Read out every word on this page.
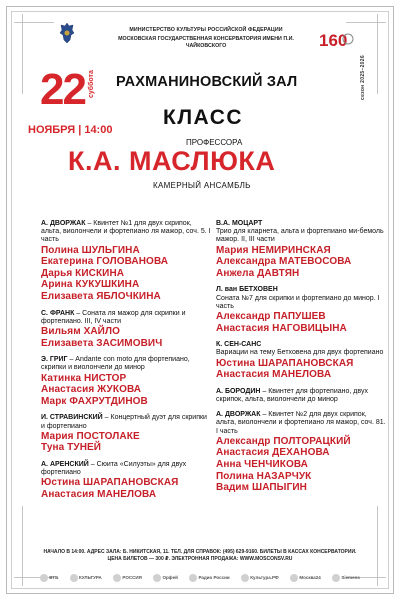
МИНИСТЕРСТВО КУЛЬТУРЫ РОССИЙСКОЙ ФЕДЕРАЦИИ
МОСКОВСКАЯ ГОСУДАРСТВЕННАЯ КОНСЕРВАТОРИЯ ИМЕНИ П.И. ЧАЙКОВСКОГО	160
сезон 2025–2026
22 суббота
НОЯБРЯ | 14:00
РАХМАНИНОВСКИЙ ЗАЛ
КЛАСС
ПРОФЕССОРА
К.А. МАСЛЮКА
КАМЕРНЫЙ АНСАМБЛЬ
А. ДВОРЖАК – Квинтет №1 для двух скрипок, альта, виолончели и фортепиано ля мажор, соч. 5. I часть
Полина ШУЛЬГИНА
Екатерина ГОЛОВАНОВА
Дарья КИСКИНА
Арина КУКУШКИНА
Елизавета ЯБЛОЧКИНА
С. ФРАНК – Соната ля мажор для скрипки и фортепиано. III, IV части
Вильям ХАЙЛО
Елизавета ЗАСИМОВИЧ
Э. ГРИГ – Andante con moto для фортепиано, скрипки и виолончели до минор
Катинка НИСТОР
Анастасия ЖУКОВА
Марк ФАХРУТДИНОВ
И. СТРАВИНСКИЙ – Концертный дуэт для скрипки и фортепиано
Мария ПОСТОЛАКЕ
Туна ТУНЕЙ
А. АРЕНСКИЙ – Сюита «Силуэты» для двух фортепиано
Юстина ШАРАПАНОВСКАЯ
Анастасия МАНЕЛОВА
В.А. МОЦАРТ
Трио для кларнета, альта и фортепиано ми-бемоль мажор. II, III части
Мария НЕМИРИНСКАЯ
Александра МАТЕВОСОВА
Анжела ДАВТЯН
Л. ван БЕТХОВЕН
Соната №7 для скрипки и фортепиано до минор. I часть
Александр ПАПУШЕВ
Анастасия НАГОВИЦЫНА
К. СЕН-САНС
Вариации на тему Бетховена для двух фортепиано
Юстина ШАРАПАНОВСКАЯ
Анастасия МАНЕЛОВА
А. БОРОДИН – Квинтет для фортепиано, двух скрипок, альта, виолончели до минор
А. ДВОРЖАК – Квинтет №2 для двух скрипок, альта, виолончели и фортепиано ля мажор, соч. 81. I часть
Александр ПОЛТОРАЦКИЙ
Анастасия ДЕХАНОВА
Анна ЧЕНЧИКОВА
Полина НАЗАРЧУК
Вадим ШАПЫГИН
НАЧАЛО В 14:00. АДРЕС ЗАЛА: Б. НИКИТСКАЯ, 11. ТЕЛ. ДЛЯ СПРАВОК: (495) 629-9160. БИЛЕТЫ В КАССАХ КОНСЕРВАТОРИИ.
ЦЕНА БИЛЕТОВ — 300 ₽. ЭЛЕКТРОННАЯ ПРОДАЖА: WWW.MOSCONSV.RU
ВТБ	КУЛЬТУРА	РОССИЯ	Орфей	Радио России	Культура.РФ	Москва24	Siemens
